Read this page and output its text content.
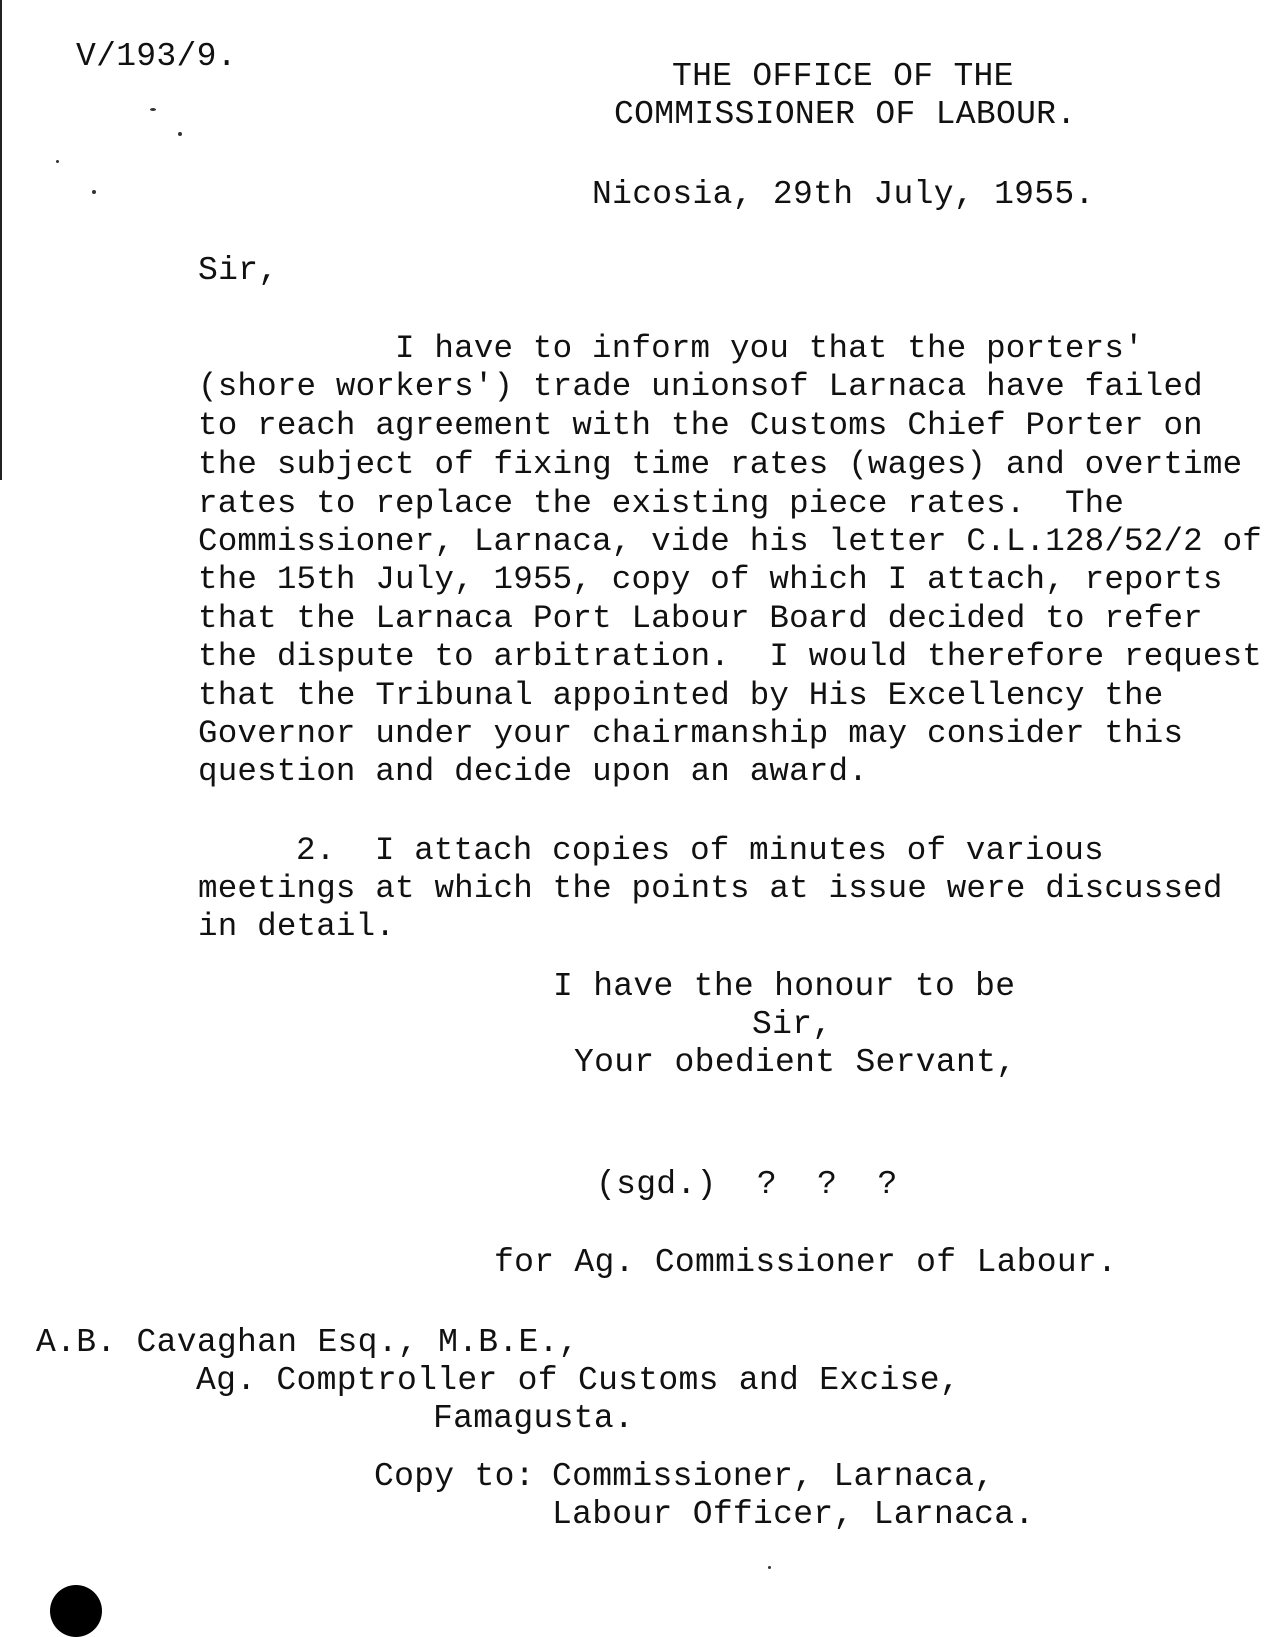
V/193/9.
THE OFFICE OF THE
COMMISSIONER OF LABOUR.
Nicosia, 29th July, 1955.
Sir,
I have to inform you that the porters'
(shore workers') trade unionsof Larnaca have failed
to reach agreement with the Customs Chief Porter on
the subject of fixing time rates (wages) and overtime
rates to replace the existing piece rates.  The
Commissioner, Larnaca, vide his letter C.L.128/52/2 of
the 15th July, 1955, copy of which I attach, reports
that the Larnaca Port Labour Board decided to refer
the dispute to arbitration.  I would therefore request
that the Tribunal appointed by His Excellency the
Governor under your chairmanship may consider this
question and decide upon an award.
2.  I attach copies of minutes of various
meetings at which the points at issue were discussed
in detail.
I have the honour to be
Sir,
Your obedient Servant,
(sgd.)  ?  ?  ?
for Ag. Commissioner of Labour.
A.B. Cavaghan Esq., M.B.E.,
Ag. Comptroller of Customs and Excise,
Famagusta.
Copy to: Commissioner, Larnaca,
Labour Officer, Larnaca.
